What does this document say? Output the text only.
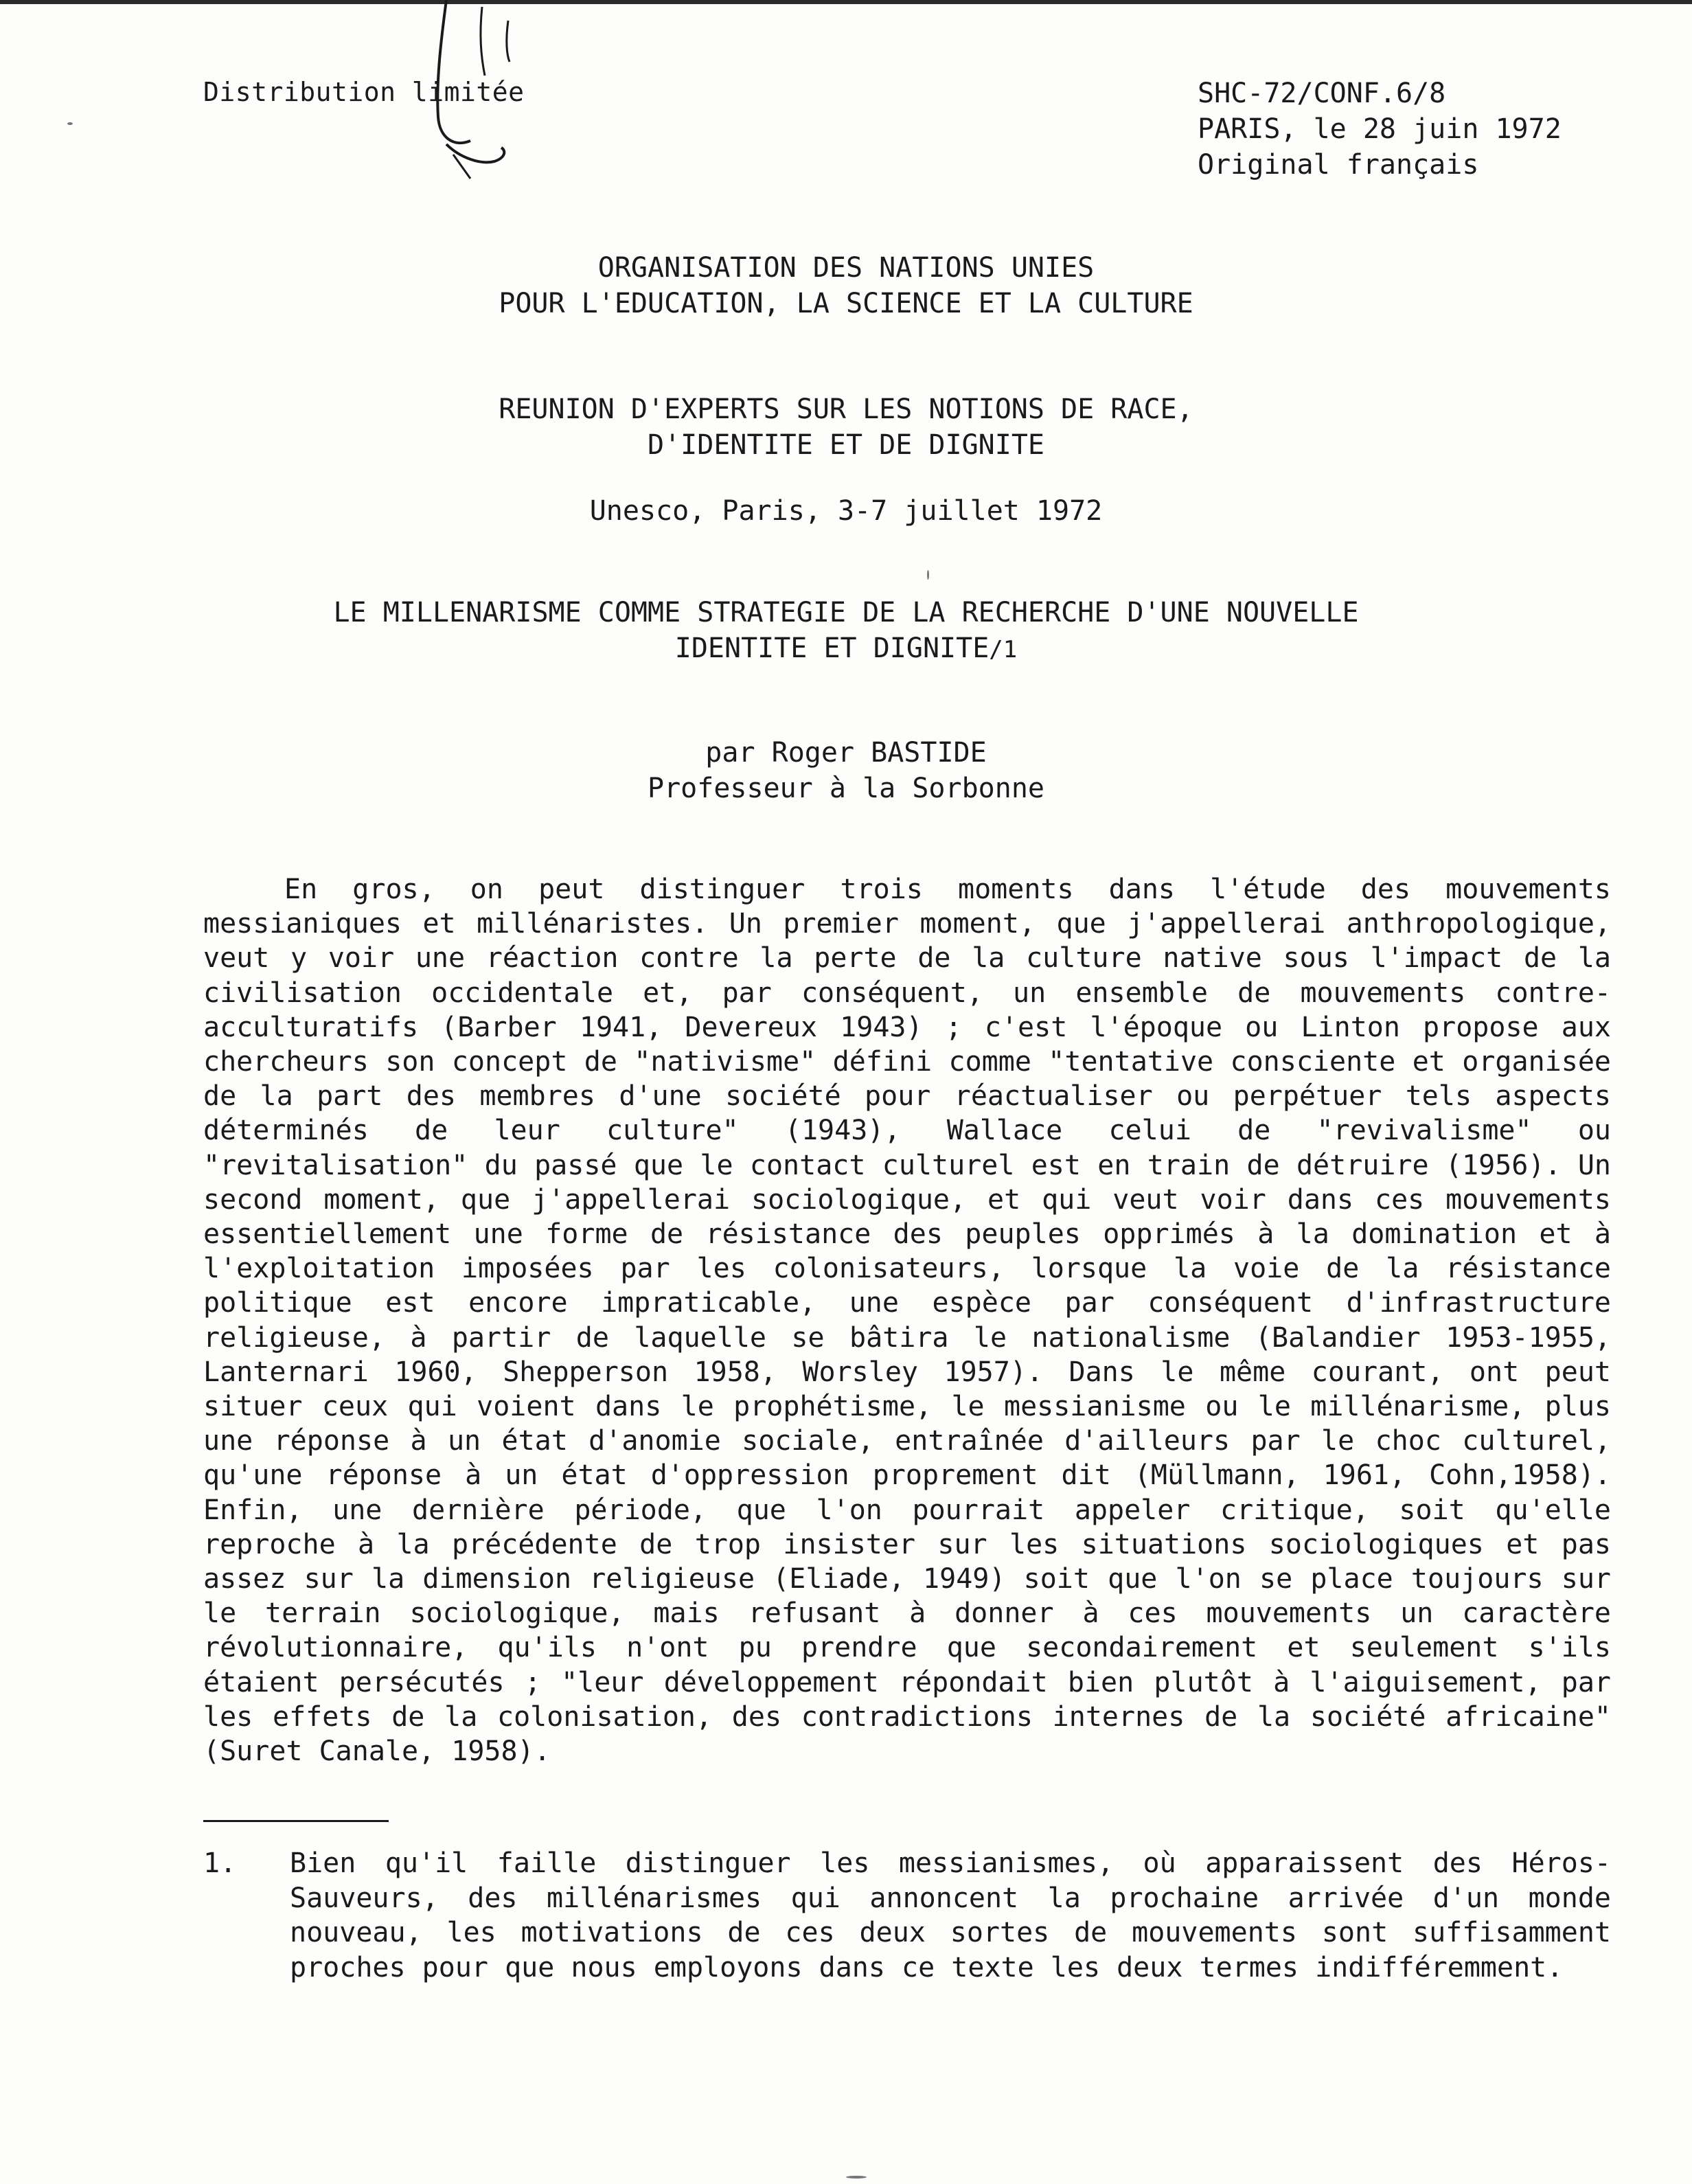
Distribution limitée	SHC-72/CONF.6/8
PARIS, le 28 juin 1972
Original français
ORGANISATION DES NATIONS UNIES
POUR L'EDUCATION, LA SCIENCE ET LA CULTURE
REUNION D'EXPERTS SUR LES NOTIONS DE RACE,
D'IDENTITE ET DE DIGNITE
Unesco, Paris, 3-7 juillet 1972
LE MILLENARISME COMME STRATEGIE DE LA RECHERCHE D'UNE NOUVELLE
IDENTITE ET DIGNITE/1
par Roger BASTIDE
Professeur à la Sorbonne

En gros, on peut distinguer trois moments dans l'étude des mouvements messianiques et millénaristes. Un premier moment, que j'appellerai anthropologique, veut y voir une réaction contre la perte de la culture native sous l'impact de la civilisation occidentale et, par conséquent, un ensemble de mouvements contre-acculturatifs (Barber 1941, Devereux 1943) ; c'est l'époque ou Linton propose aux chercheurs son concept de "nativisme" défini comme "tentative consciente et organisée de la part des membres d'une société pour réactualiser ou perpétuer tels aspects déterminés de leur culture" (1943), Wallace celui de "revivalisme" ou "revitalisation" du passé que le contact culturel est en train de détruire (1956). Un second moment, que j'appellerai sociologique, et qui veut voir dans ces mouvements essentiellement une forme de résistance des peuples opprimés à la domination et à l'exploitation imposées par les colonisateurs, lorsque la voie de la résistance politique est encore impraticable, une espèce par conséquent d'infrastructure religieuse, à partir de laquelle se bâtira le nationalisme (Balandier 1953-1955, Lanternari 1960, Shepperson 1958, Worsley 1957). Dans le même courant, ont peut situer ceux qui voient dans le prophétisme, le messianisme ou le millénarisme, plus une réponse à un état d'anomie sociale, entraînée d'ailleurs par le choc culturel, qu'une réponse à un état d'oppression proprement dit (Müllmann, 1961, Cohn,1958). Enfin, une dernière période, que l'on pourrait appeler critique, soit qu'elle reproche à la précédente de trop insister sur les situations sociologiques et pas assez sur la dimension religieuse (Eliade, 1949) soit que l'on se place toujours sur le terrain sociologique, mais refusant à donner à ces mouvements un caractère révolutionnaire, qu'ils n'ont pu prendre que secondairement et seulement s'ils étaient persécutés ; "leur développement répondait bien plutôt à l'aiguisement, par les effets de la colonisation, des contradictions internes de la société africaine" (Suret Canale, 1958).

1. Bien qu'il faille distinguer les messianismes, où apparaissent des Héros-Sauveurs, des millénarismes qui annoncent la prochaine arrivée d'un monde nouveau, les motivations de ces deux sortes de mouvements sont suffisamment proches pour que nous employons dans ce texte les deux termes indifféremment.
